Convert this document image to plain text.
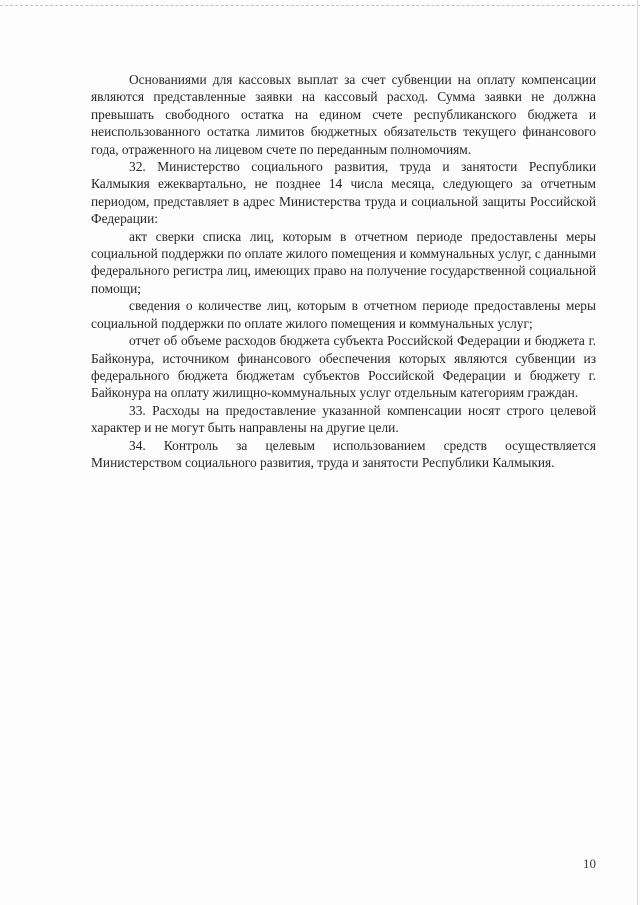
Основаниями для кассовых выплат за счет субвенции на оплату компенсации являются представленные заявки на кассовый расход. Сумма заявки не должна превышать свободного остатка на едином счете республиканского бюджета и неиспользованного остатка лимитов бюджетных обязательств текущего финансового года, отраженного на лицевом счете по переданным полномочиям.

32. Министерство социального развития, труда и занятости Республики Калмыкия ежеквартально, не позднее 14 числа месяца, следующего за отчетным периодом, представляет в адрес Министерства труда и социальной защиты Российской Федерации:

акт сверки списка лиц, которым в отчетном периоде предоставлены меры социальной поддержки по оплате жилого помещения и коммунальных услуг, с данными федерального регистра лиц, имеющих право на получение государственной социальной помощи;

сведения о количестве лиц, которым в отчетном периоде предоставлены меры социальной поддержки по оплате жилого помещения и коммунальных услуг;

отчет об объеме расходов бюджета субъекта Российской Федерации и бюджета г. Байконура, источником финансового обеспечения которых являются субвенции из федерального бюджета бюджетам субъектов Российской Федерации и бюджету г. Байконура на оплату жилищно-коммунальных услуг отдельным категориям граждан.

33. Расходы на предоставление указанной компенсации носят строго целевой характер и не могут быть направлены на другие цели.

34. Контроль за целевым использованием средств осуществляется Министерством социального развития, труда и занятости Республики Калмыкия.

10
